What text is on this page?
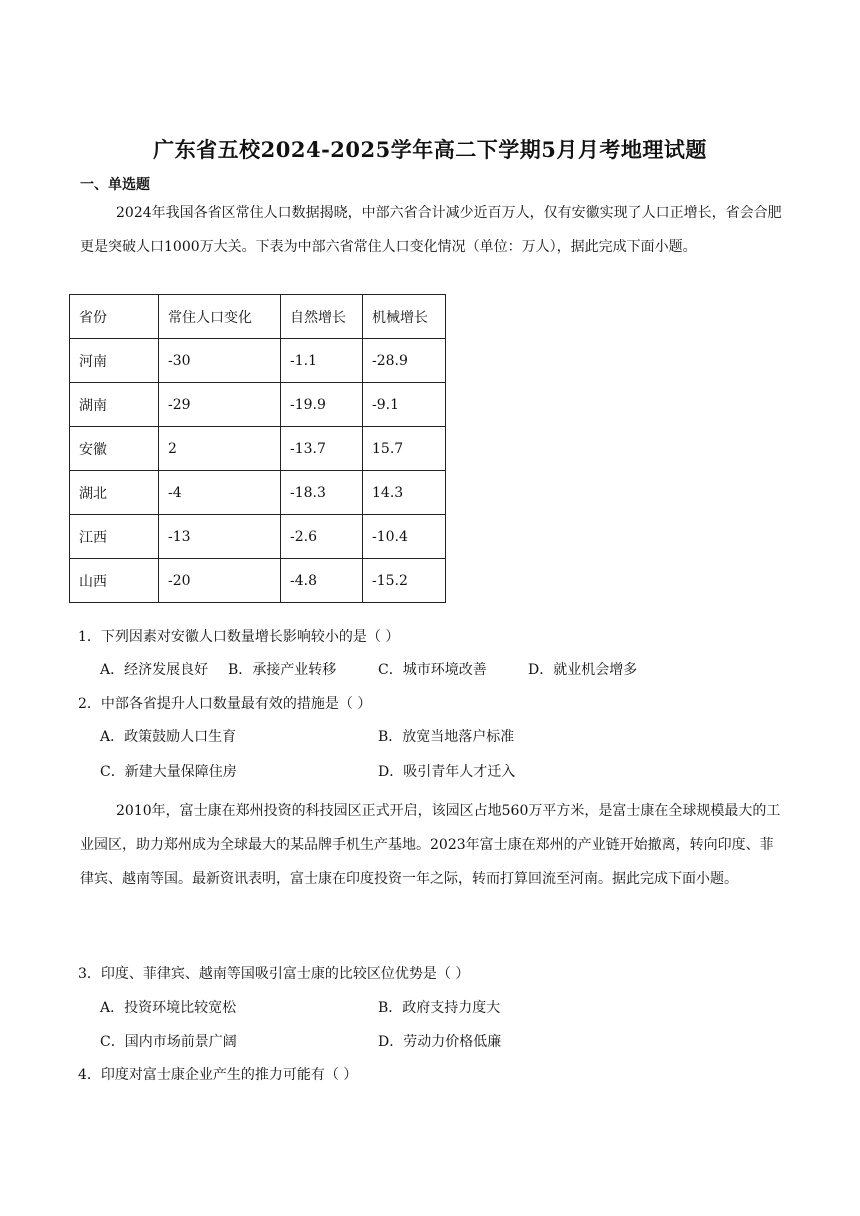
广东省五校2024-2025学年高二下学期5月月考地理试题
一、单选题

2024年我国各省区常住人口数据揭晓，中部六省合计减少近百万人，仅有安徽实现了人口正增长，省会合肥更是突破人口1000万大关。下表为中部六省常住人口变化情况（单位：万人），据此完成下面小题。

省份	常住人口变化	自然增长	机械增长
河南	-30	-1.1	-28.9
湖南	-29	-19.9	-9.1
安徽	2	-13.7	15.7
湖北	-4	-18.3	14.3
江西	-13	-2.6	-10.4
山西	-20	-4.8	-15.2
1．下列因素对安徽人口数量增长影响较小的是（ ）
A．经济发展良好 B．承接产业转移	C．城市环境改善	D．就业机会增多
2．中部各省提升人口数量最有效的措施是（ ）
A．政策鼓励人口生育	B．放宽当地落户标准
C．新建大量保障住房	D．吸引青年人才迁入

2010年，富士康在郑州投资的科技园区正式开启，该园区占地560万平方米，是富士康在全球规模最大的工业园区，助力郑州成为全球最大的某品牌手机生产基地。2023年富士康在郑州的产业链开始撤离，转向印度、菲律宾、越南等国。最新资讯表明，富士康在印度投资一年之际，转而打算回流至河南。据此完成下面小题。

3．印度、菲律宾、越南等国吸引富士康的比较区位优势是（ ）
A．投资环境比较宽松	B．政府支持力度大
C．国内市场前景广阔	D．劳动力价格低廉
4．印度对富士康企业产生的推力可能有（ ）
